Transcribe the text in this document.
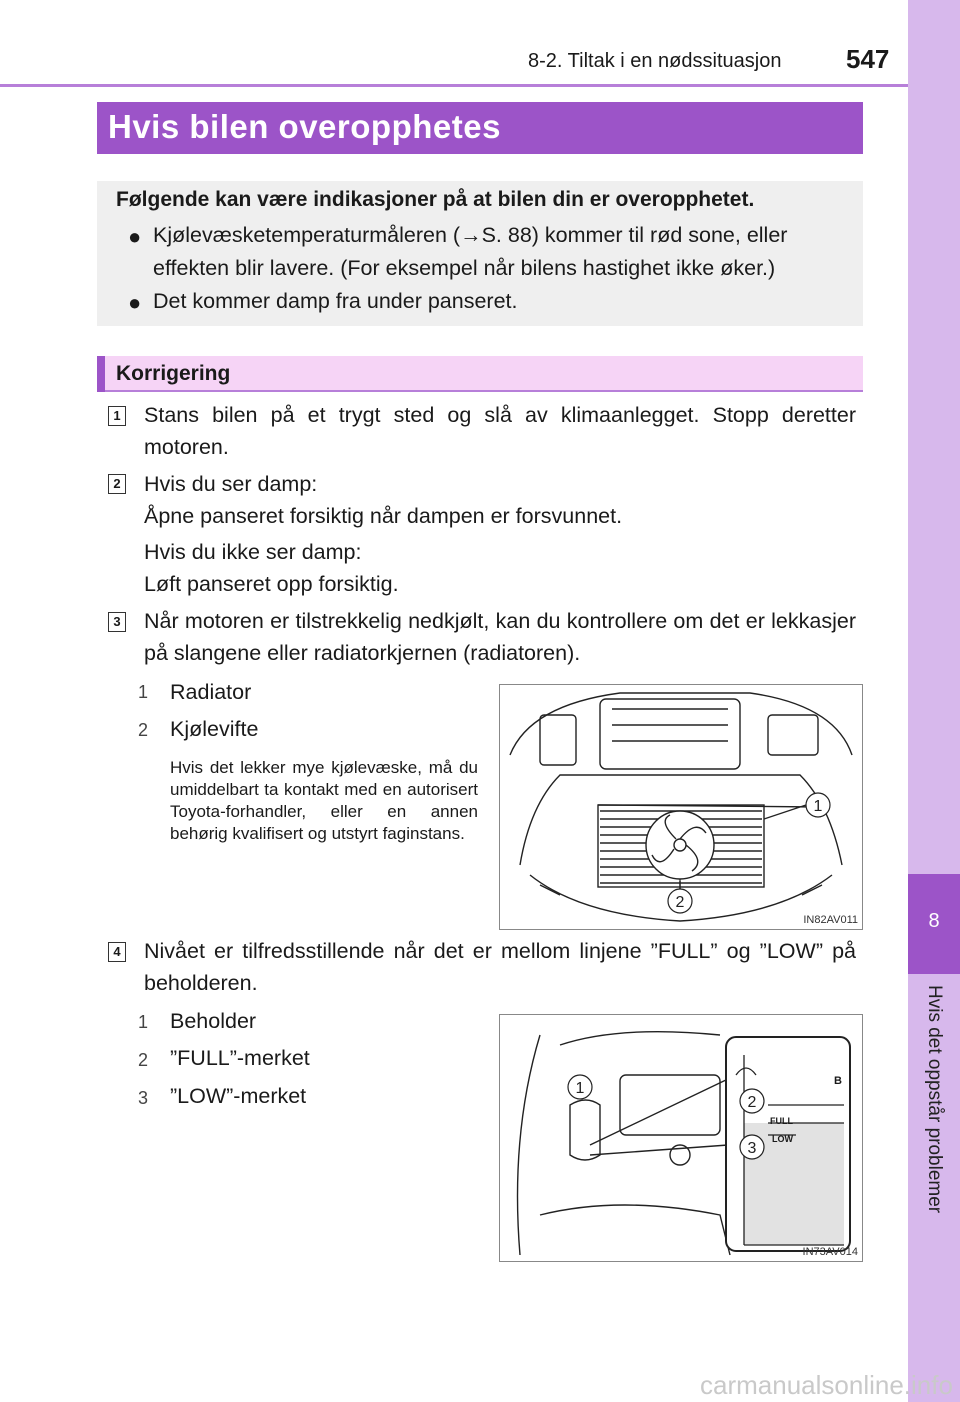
8-2. Tiltak i en nødssituasjon 547
8
Hvis det oppstår problemer
Hvis bilen overopphetes
Følgende kan være indikasjoner på at bilen din er overopphetet.
● Kjølevæsketemperaturmåleren (→S. 88) kommer til rød sone, eller effekten blir lavere. (For eksempel når bilens hastighet ikke øker.)
● Det kommer damp fra under panseret.
Korrigering
1 Stans bilen på et trygt sted og slå av klimaanlegget. Stopp deretter motoren.
2 Hvis du ser damp:
Åpne panseret forsiktig når dampen er forsvunnet.
Hvis du ikke ser damp:
Løft panseret opp forsiktig.
3 Når motoren er tilstrekkelig nedkjølt, kan du kontrollere om det er lekkasjer på slangene eller radiatorkjernen (radiatoren).
1 Radiator
2 Kjølevifte
Hvis det lekker mye kjølevæske, må du umiddelbart ta kontakt med en autorisert Toyota-forhandler, eller en annen behørig kvalifisert og utstyrt faginstans.
1
2
IN82AV011
4 Nivået er tilfredsstillende når det er mellom linjene ”FULL” og ”LOW” på beholderen.
1 Beholder
2 ”FULL”-merket
3 ”LOW”-merket	1
2
3
B
FULL
LOW
IN73AV014
carmanualsonline.info
